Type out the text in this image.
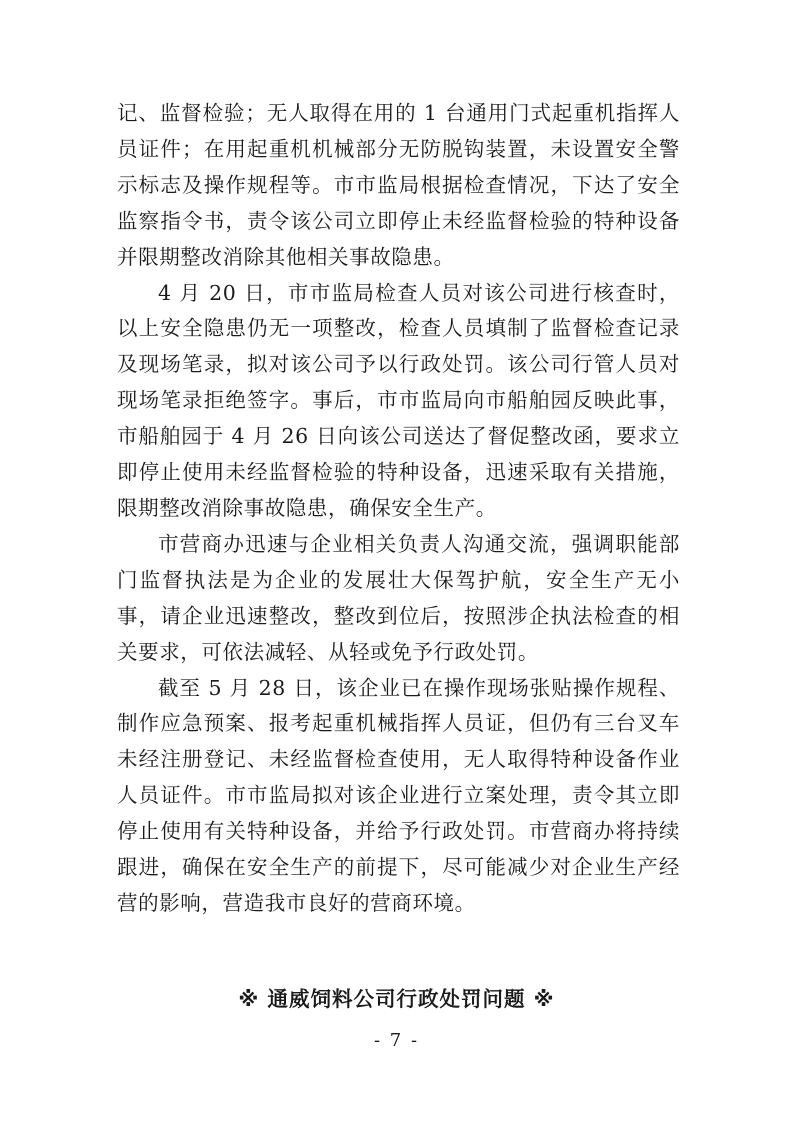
记、监督检验；无人取得在用的 1 台通用门式起重机指挥人员证件；在用起重机机械部分无防脱钩装置，未设置安全警示标志及操作规程等。市市监局根据检查情况，下达了安全监察指令书，责令该公司立即停止未经监督检验的特种设备并限期整改消除其他相关事故隐患。

4 月 20 日，市市监局检查人员对该公司进行核查时，以上安全隐患仍无一项整改，检查人员填制了监督检查记录及现场笔录，拟对该公司予以行政处罚。该公司行管人员对现场笔录拒绝签字。事后，市市监局向市船舶园反映此事，市船舶园于 4 月 26 日向该公司送达了督促整改函，要求立即停止使用未经监督检验的特种设备，迅速采取有关措施，限期整改消除事故隐患，确保安全生产。

市营商办迅速与企业相关负责人沟通交流，强调职能部门监督执法是为企业的发展壮大保驾护航，安全生产无小事，请企业迅速整改，整改到位后，按照涉企执法检查的相关要求，可依法减轻、从轻或免予行政处罚。

截至 5 月 28 日，该企业已在操作现场张贴操作规程、制作应急预案、报考起重机械指挥人员证，但仍有三台叉车未经注册登记、未经监督检查使用，无人取得特种设备作业人员证件。市市监局拟对该企业进行立案处理，责令其立即停止使用有关特种设备，并给予行政处罚。市营商办将持续跟进，确保在安全生产的前提下，尽可能减少对企业生产经营的影响，营造我市良好的营商环境。

※ 通威饲料公司行政处罚问题 ※
- 7 -
